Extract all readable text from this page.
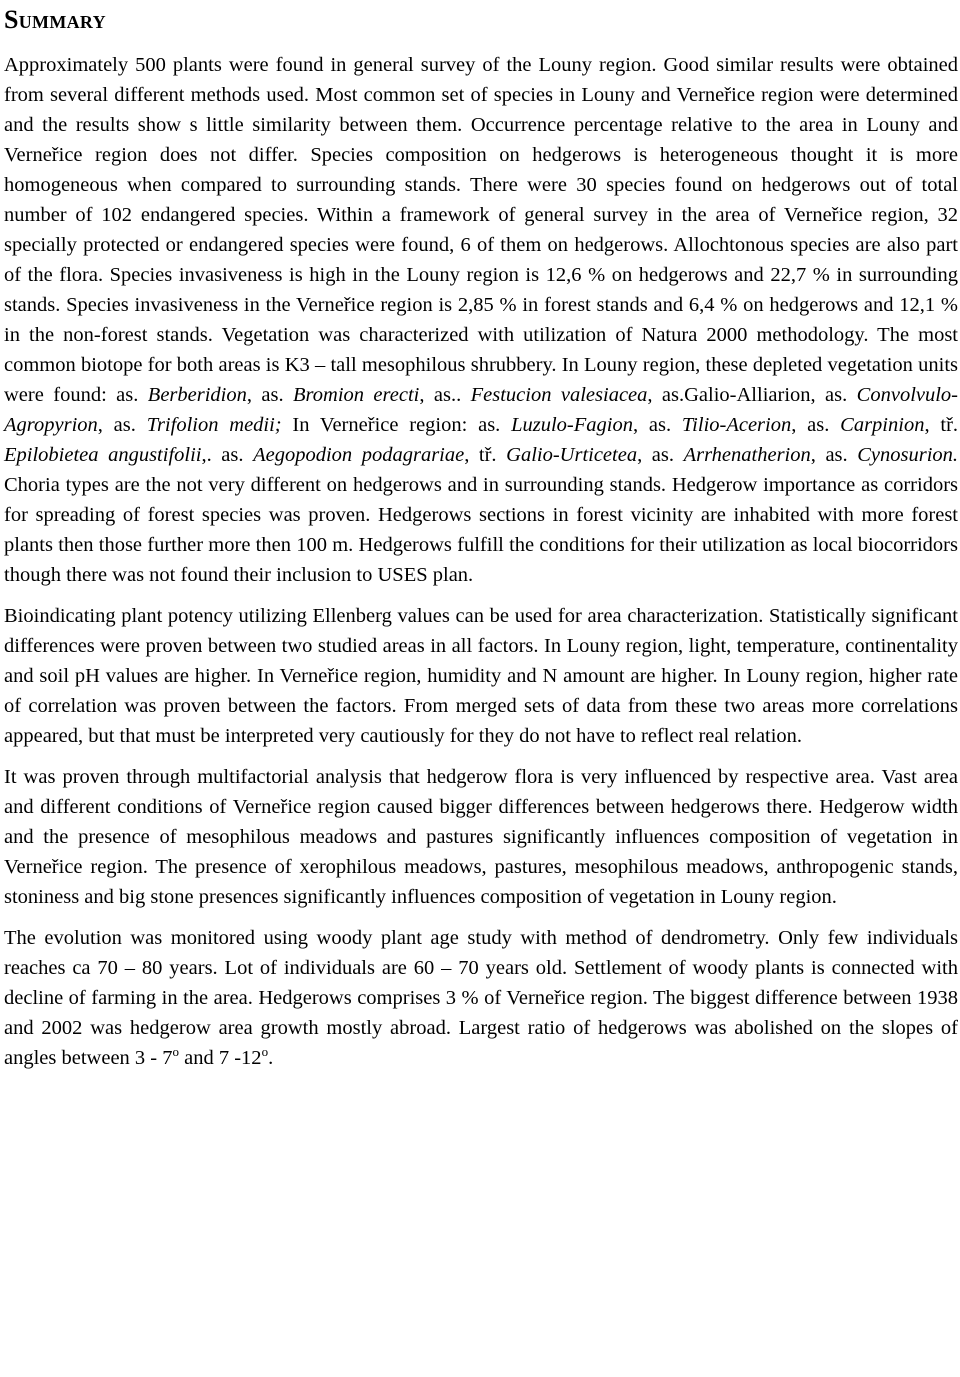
Summary

Approximately 500 plants were found in general survey of the Louny region. Good similar results were obtained from several different methods used. Most common set of species in Louny and Verneřice region were determined and the results show s little similarity between them. Occurrence percentage relative to the area in Louny and Verneřice region does not differ. Species composition on hedgerows is heterogeneous thought it is more homogeneous when compared to surrounding stands. There were 30 species found on hedgerows out of total number of 102 endangered species. Within a framework of general survey in the area of Verneřice region, 32 specially protected or endangered species were found, 6 of them on hedgerows. Allochtonous species are also part of the flora. Species invasiveness is high in the Louny region is 12,6 % on hedgerows and 22,7 % in surrounding stands. Species invasiveness in the Verneřice region is 2,85 % in forest stands and 6,4 % on hedgerows and 12,1 % in the non-forest stands. Vegetation was characterized with utilization of Natura 2000 methodology. The most common biotope for both areas is K3 – tall mesophilous shrubbery. In Louny region, these depleted vegetation units were found: as. Berberidion, as. Bromion erecti, as.. Festucion valesiacea, as.Galio-Alliarion, as. Convolvulo-Agropyrion, as. Trifolion medii; In Verneřice region: as. Luzulo-Fagion, as. Tilio-Acerion, as. Carpinion, tř. Epilobietea angustifolii,. as. Aegopodion podagrariae, tř. Galio-Urticetea, as. Arrhenatherion, as. Cynosurion. Choria types are the not very different on hedgerows and in surrounding stands. Hedgerow importance as corridors for spreading of forest species was proven. Hedgerows sections in forest vicinity are inhabited with more forest plants then those further more then 100 m. Hedgerows fulfill the conditions for their utilization as local biocorridors though there was not found their inclusion to USES plan.

Bioindicating plant potency utilizing Ellenberg values can be used for area characterization. Statistically significant differences were proven between two studied areas in all factors. In Louny region, light, temperature, continentality and soil pH values are higher. In Verneřice region, humidity and N amount are higher. In Louny region, higher rate of correlation was proven between the factors. From merged sets of data from these two areas more correlations appeared, but that must be interpreted very cautiously for they do not have to reflect real relation.

It was proven through multifactorial analysis that hedgerow flora is very influenced by respective area. Vast area and different conditions of Verneřice region caused bigger differences between hedgerows there. Hedgerow width and the presence of mesophilous meadows and pastures significantly influences composition of vegetation in Verneřice region. The presence of xerophilous meadows, pastures, mesophilous meadows, anthropogenic stands, stoniness and big stone presences significantly influences composition of vegetation in Louny region.

The evolution was monitored using woody plant age study with method of dendrometry. Only few individuals reaches ca 70 – 80 years. Lot of individuals are 60 – 70 years old. Settlement of woody plants is connected with decline of farming in the area. Hedgerows comprises 3 % of Verneřice region. The biggest difference between 1938 and 2002 was hedgerow area growth mostly abroad. Largest ratio of hedgerows was abolished on the slopes of angles between 3 - 7$^o$ and 7 -12$^o$.
